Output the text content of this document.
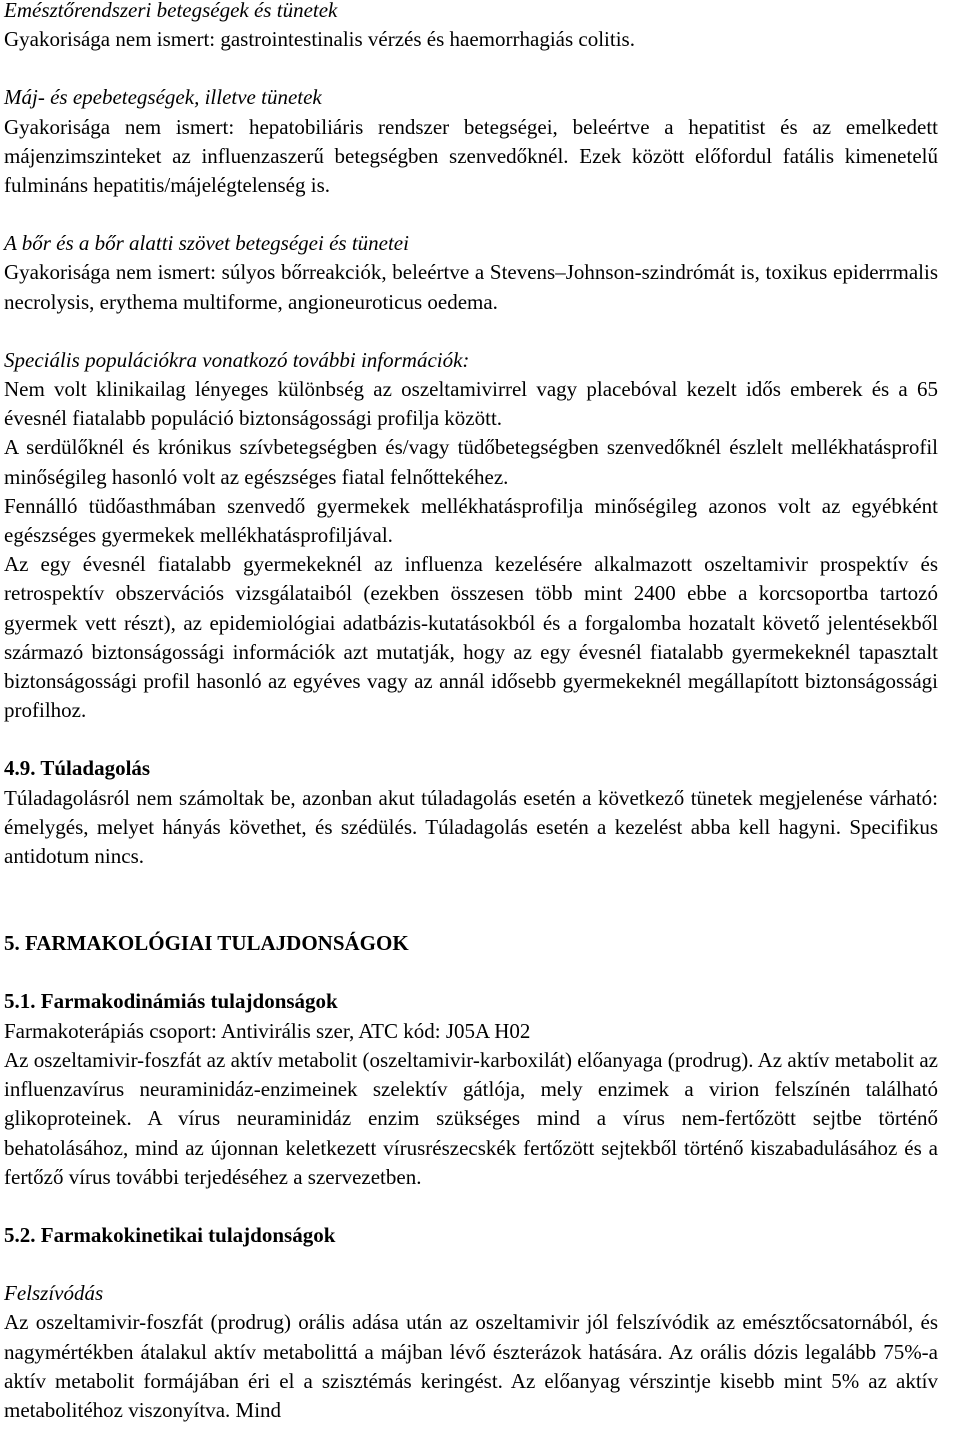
Emésztőrendszeri betegségek és tünetek

Gyakorisága nem ismert: gastrointestinalis vérzés és haemorrhagiás colitis.

Máj- és epebetegségek, illetve tünetek

Gyakorisága nem ismert: hepatobiliáris rendszer betegségei, beleértve a hepatitist és az emelkedett májenzimszinteket az influenzaszerű betegségben szenvedőknél. Ezek között előfordul fatális kimenetelű fulmináns hepatitis/májelégtelenség is.

A bőr és a bőr alatti szövet betegségei és tünetei

Gyakorisága nem ismert: súlyos bőrreakciók, beleértve a Stevens–Johnson-szindrómát is, toxikus epiderrmalis necrolysis, erythema multiforme, angioneuroticus oedema.

Speciális populációkra vonatkozó további információk:

Nem volt klinikailag lényeges különbség az oszeltamivirrel vagy placebóval kezelt idős emberek és a 65 évesnél fiatalabb populáció biztonságossági profilja között.

A serdülőknél és krónikus szívbetegségben és/vagy tüdőbetegségben szenvedőknél észlelt mellékhatásprofil minőségileg hasonló volt az egészséges fiatal felnőttekéhez.

Fennálló tüdőasthmában szenvedő gyermekek mellékhatásprofilja minőségileg azonos volt az egyébként egészséges gyermekek mellékhatásprofiljával.

Az egy évesnél fiatalabb gyermekeknél az influenza kezelésére alkalmazott oszeltamivir prospektív és retrospektív obszervációs vizsgálataiból (ezekben összesen több mint 2400 ebbe a korcsoportba tartozó gyermek vett részt), az epidemiológiai adatbázis-kutatásokból és a forgalomba hozatalt követő jelentésekből származó biztonságossági információk azt mutatják, hogy az egy évesnél fiatalabb gyermekeknél tapasztalt biztonságossági profil hasonló az egyéves vagy az annál idősebb gyermekeknél megállapított biztonságossági profilhoz.

4.9. Túladagolás

Túladagolásról nem számoltak be, azonban akut túladagolás esetén a következő tünetek megjelenése várható: émelygés, melyet hányás követhet, és szédülés. Túladagolás esetén a kezelést abba kell hagyni. Specifikus antidotum nincs.

5. FARMAKOLÓGIAI TULAJDONSÁGOK

5.1. Farmakodinámiás tulajdonságok

Farmakoterápiás csoport: Antivirális szer, ATC kód: J05A H02

Az oszeltamivir-foszfát az aktív metabolit (oszeltamivir-karboxilát) előanyaga (prodrug). Az aktív metabolit az influenzavírus neuraminidáz-enzimeinek szelektív gátlója, mely enzimek a virion felszínén található glikoproteinek. A vírus neuraminidáz enzim szükséges mind a vírus nem-fertőzött sejtbe történő behatolásához, mind az újonnan keletkezett vírusrészecskék fertőzött sejtekből történő kiszabadulásához és a fertőző vírus további terjedéséhez a szervezetben.

5.2. Farmakokinetikai tulajdonságok

Felszívódás

Az oszeltamivir-foszfát (prodrug) orális adása után az oszeltamivir jól felszívódik az emésztőcsatornából, és nagymértékben átalakul aktív metabolittá a májban lévő észterázok hatására. Az orális dózis legalább 75%-a aktív metabolit formájában éri el a szisztémás keringést. Az előanyag vérszintje kisebb mint 5% az aktív metabolitéhoz viszonyítva. Mind
